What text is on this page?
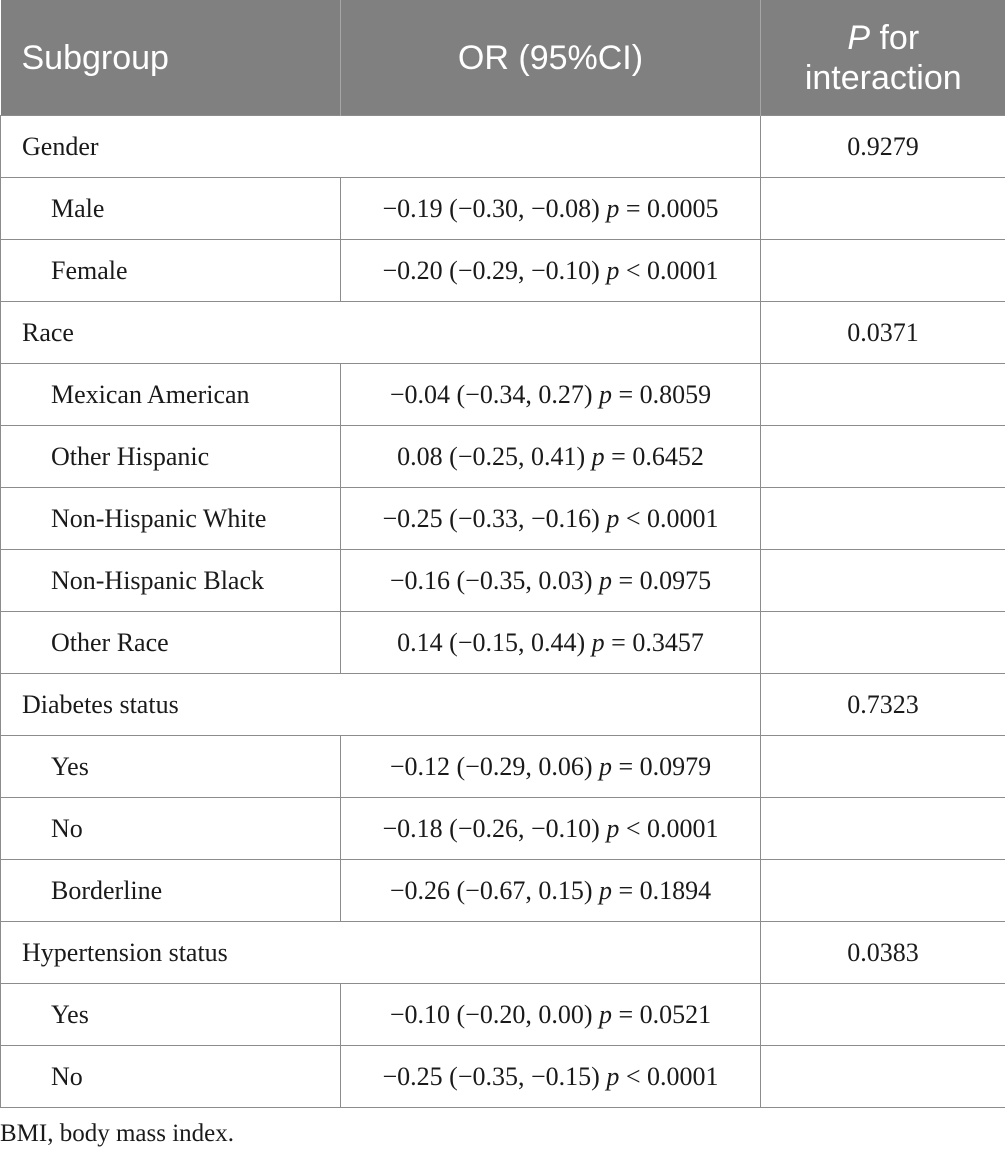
Subgroup	OR (95%CI)	P for
interaction
Gender		0.9279
Male	−0.19 (−0.30, −0.08) p = 0.0005	
Female	−0.20 (−0.29, −0.10) p < 0.0001	
Race		0.0371
Mexican American	−0.04 (−0.34, 0.27) p = 0.8059	
Other Hispanic	0.08 (−0.25, 0.41) p = 0.6452	
Non-Hispanic White	−0.25 (−0.33, −0.16) p < 0.0001	
Non-Hispanic Black	−0.16 (−0.35, 0.03) p = 0.0975	
Other Race	0.14 (−0.15, 0.44) p = 0.3457	
Diabetes status		0.7323
Yes	−0.12 (−0.29, 0.06) p = 0.0979	
No	−0.18 (−0.26, −0.10) p < 0.0001	
Borderline	−0.26 (−0.67, 0.15) p = 0.1894	
Hypertension status		0.0383
Yes	−0.10 (−0.20, 0.00) p = 0.0521	
No	−0.25 (−0.35, −0.15) p < 0.0001	
BMI, body mass index.
